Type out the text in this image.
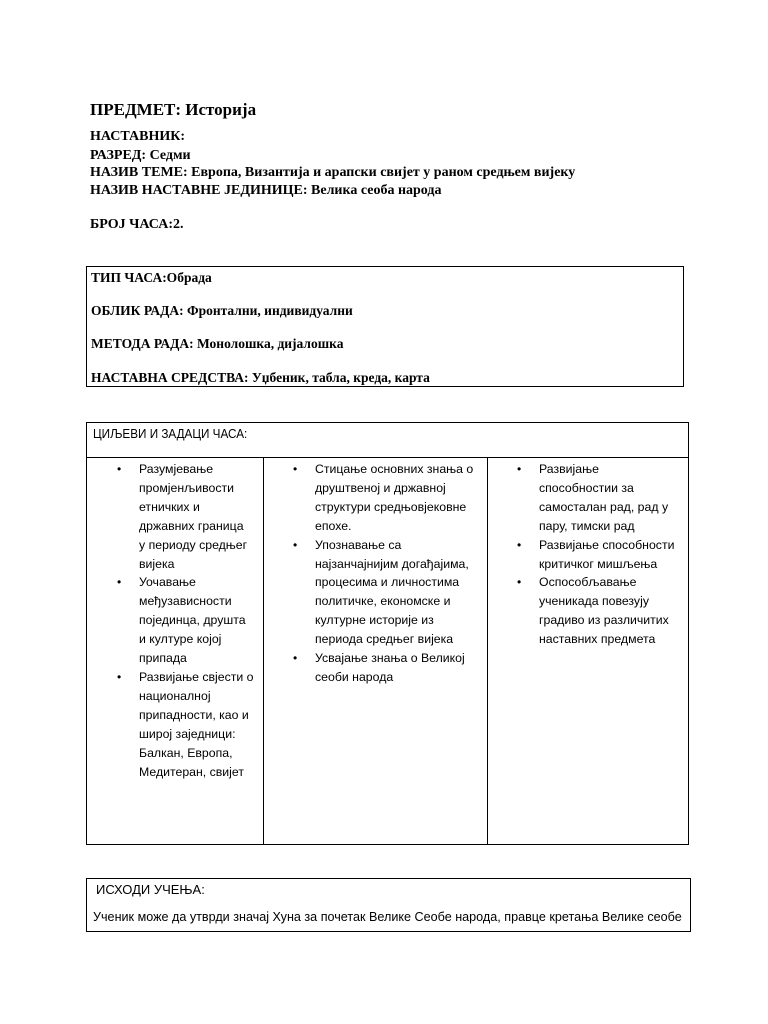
ПРЕДМЕТ: Историја
НАСТАВНИК:
РАЗРЕД: Седми
НАЗИВ ТЕМЕ: Европа, Византија и арапски свијет у раном средњем вијеку
НАЗИВ НАСТАВНЕ ЈЕДИНИЦЕ: Велика сеоба народа
БРОЈ ЧАСА:2.
ТИП ЧАСА:Обрада
ОБЛИК РАДА: Фронтални, индивидуални
МЕТОДА РАДА: Монолошка, дијалошка
НАСТАВНА СРЕДСТВА: Уџбеник, табла, креда, карта
ЦИЉЕВИ И ЗАДАЦИ ЧАСА:
• Разумјевање
промјенљивости
етничких и
државних граница
у периоду средњег
вијека
• Уочавање
међузависности
појединца, друшта
и културе којој
припада
• Развијање свјести о
националној
припадности, као и
широј заједници:
Балкан, Европа,
Медитеран, свијет
• Стицање основних знања о
друштвеној и државној
структури средњовјековне
епохе.
• Упознавање са
најзанчајнијим догађајима,
процесима и личностима
политичке, економске и
културне историје из
периода средњег вијека
• Усвајање знања о Великој
сеоби народа
• Развијање
способностии за
самосталан рад, рад у
пару, тимски рад
• Развијање способности
критичког мишљења
• Оспособљавање
ученикада повезују
градиво из различитих
наставних предмета
ИСХОДИ УЧЕЊА:
Ученик може да утврди значај Хуна за почетак Велике Сеобе народа, правце кретања Велике сеобе
